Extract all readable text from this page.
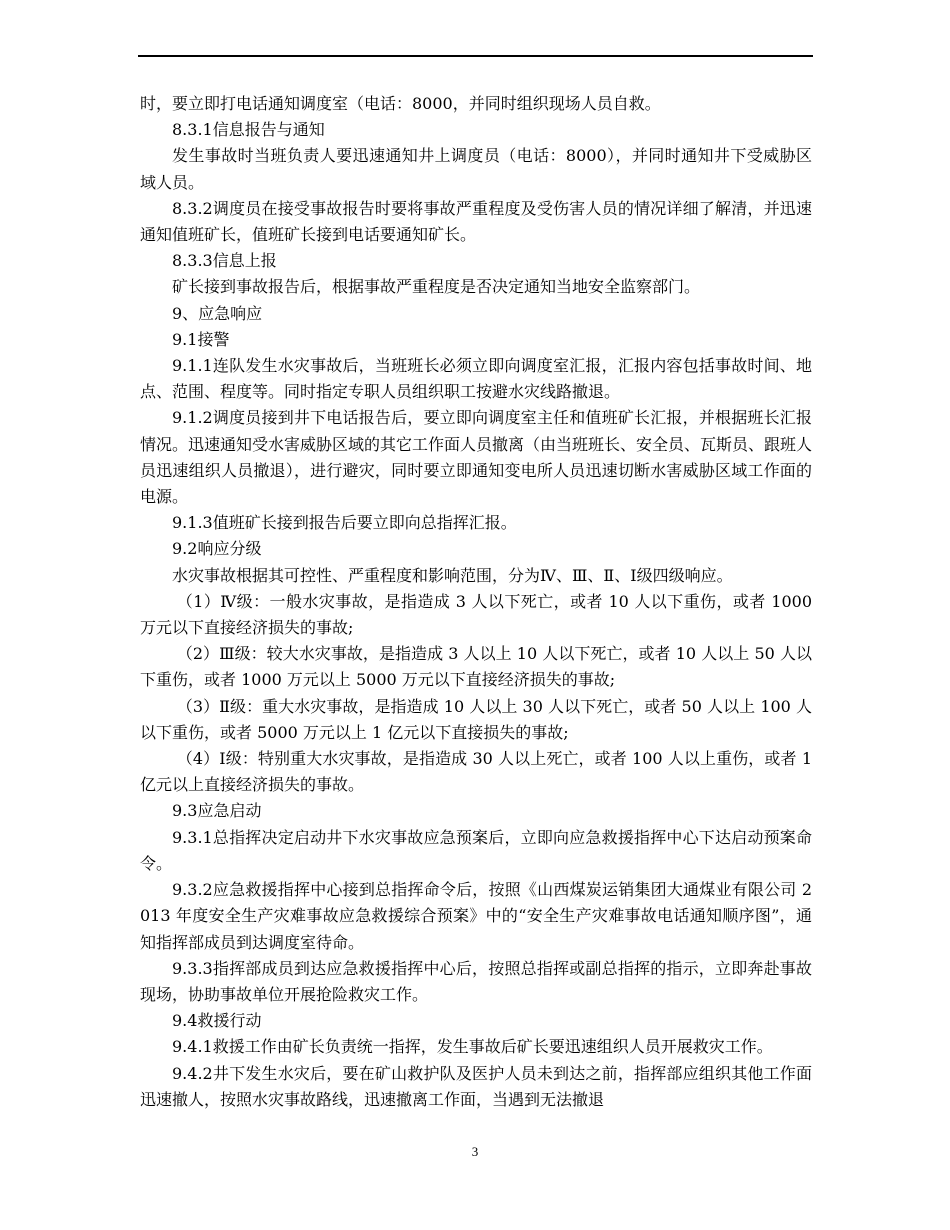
时，要立即打电话通知调度室（电话：8000，并同时组织现场人员自救。

8.3.1信息报告与通知

发生事故时当班负责人要迅速通知井上调度员（电话：8000），并同时通知井下受威胁区域人员。

8.3.2调度员在接受事故报告时要将事故严重程度及受伤害人员的情况详细了解清，并迅速通知值班矿长，值班矿长接到电话要通知矿长。

8.3.3信息上报

矿长接到事故报告后，根据事故严重程度是否决定通知当地安全监察部门。

9、应急响应

9.1接警

9.1.1连队发生水灾事故后，当班班长必须立即向调度室汇报，汇报内容包括事故时间、地点、范围、程度等。同时指定专职人员组织职工按避水灾线路撤退。

9.1.2调度员接到井下电话报告后，要立即向调度室主任和值班矿长汇报，并根据班长汇报情况。迅速通知受水害威胁区域的其它工作面人员撤离（由当班班长、安全员、瓦斯员、跟班人员迅速组织人员撤退），进行避灾，同时要立即通知变电所人员迅速切断水害威胁区域工作面的电源。

9.1.3值班矿长接到报告后要立即向总指挥汇报。

9.2响应分级

水灾事故根据其可控性、严重程度和影响范围，分为Ⅳ、Ⅲ、Ⅱ、Ⅰ级四级响应。

（1）Ⅳ级：一般水灾事故，是指造成 3 人以下死亡，或者 10 人以下重伤，或者 1000 万元以下直接经济损失的事故;

（2）Ⅲ级：较大水灾事故，是指造成 3 人以上 10 人以下死亡，或者 10 人以上 50 人以下重伤，或者 1000 万元以上 5000 万元以下直接经济损失的事故;

（3）Ⅱ级：重大水灾事故，是指造成 10 人以上 30 人以下死亡，或者 50 人以上 100 人以下重伤，或者 5000 万元以上 1 亿元以下直接损失的事故;

（4）Ⅰ级：特别重大水灾事故，是指造成 30 人以上死亡，或者 100 人以上重伤，或者 1 亿元以上直接经济损失的事故。

9.3应急启动

9.3.1总指挥决定启动井下水灾事故应急预案后，立即向应急救援指挥中心下达启动预案命令。

9.3.2应急救援指挥中心接到总指挥命令后，按照《山西煤炭运销集团大通煤业有限公司 2013 年度安全生产灾难事故应急救援综合预案》中的“安全生产灾难事故电话通知顺序图”，通知指挥部成员到达调度室待命。

9.3.3指挥部成员到达应急救援指挥中心后，按照总指挥或副总指挥的指示，立即奔赴事故现场，协助事故单位开展抢险救灾工作。

9.4救援行动

9.4.1救援工作由矿长负责统一指挥，发生事故后矿长要迅速组织人员开展救灾工作。

9.4.2井下发生水灾后，要在矿山救护队及医护人员未到达之前，指挥部应组织其他工作面迅速撤人，按照水灾事故路线，迅速撤离工作面，当遇到无法撤退

3
